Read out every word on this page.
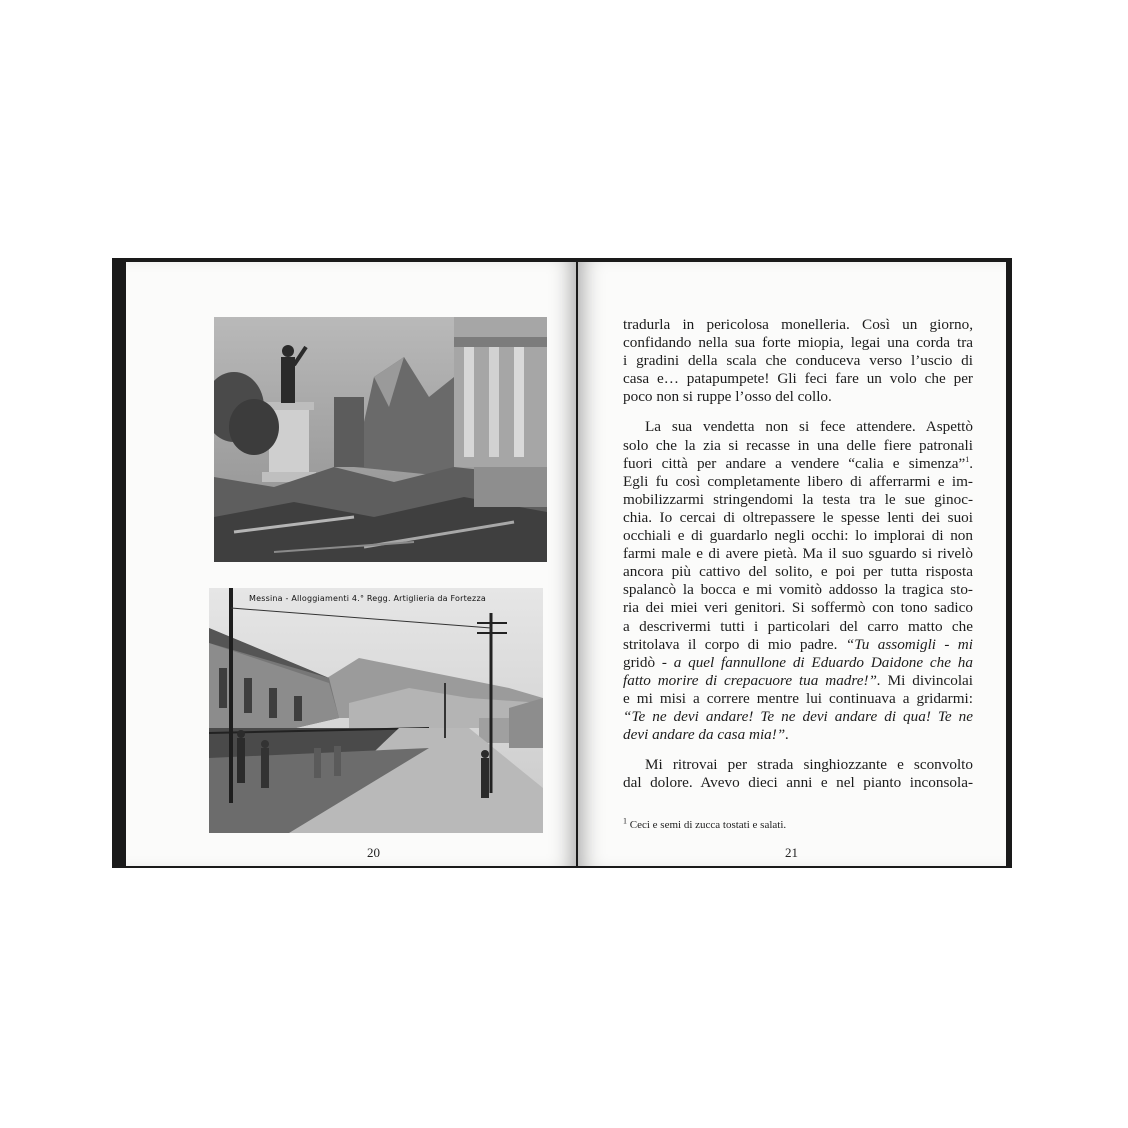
Messina - Alloggiamenti 4.° Regg. Artiglieria da Fortezza
20

tradurla in pericolosa monelleria. Così un giorno,
confidando nella sua forte miopia, legai una corda tra
i gradini della scala che conduceva verso l’uscio di
casa e… patapumpete! Gli feci fare un volo che per
poco non si ruppe l’osso del collo.

La sua vendetta non si fece attendere. Aspettò
solo che la zia si recasse in una delle fiere patronali
fuori città per andare a vendere “calia e simenza”$^1$.
Egli fu così completamente libero di afferrarmi e im-
mobilizzarmi stringendomi la testa tra le sue ginoc-
chia. Io cercai di oltrepassere le spesse lenti dei suoi
occhiali e di guardarlo negli occhi: lo implorai di non
farmi male e di avere pietà. Ma il suo sguardo si rivelò
ancora più cattivo del solito, e poi per tutta risposta
spalancò la bocca e mi vomitò addosso la tragica sto-
ria dei miei veri genitori. Si soffermò con tono sadico
a descrivermi tutti i particolari del carro matto che
stritolava il corpo di mio padre. “Tu assomigli - mi
gridò - a quel fannullone di Eduardo Daidone che ha
fatto morire di crepacuore tua madre!”. Mi divincolai
e mi misi a correre mentre lui continuava a gridarmi:
“Te ne devi andare! Te ne devi andare di qua! Te ne
devi andare da casa mia!”.

Mi ritrovai per strada singhiozzante e sconvolto
dal dolore. Avevo dieci anni e nel pianto inconsola-

$^1$ Ceci e semi di zucca tostati e salati.
21
